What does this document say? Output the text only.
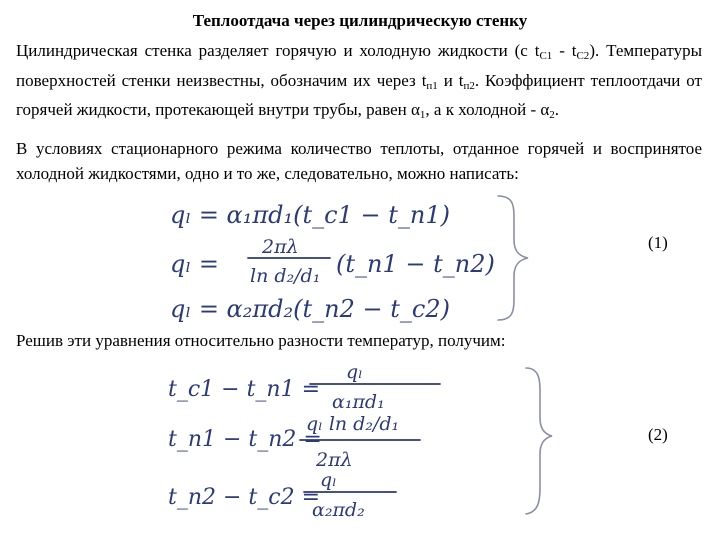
Теплоотдача через цилиндрическую стенку

Цилиндрическая стенка разделяет горячую и холодную жидкости (с $t_{C1} - t_{C2}$). Температуры поверхностей стенки неизвестны, обозначим их через $t_{п1}$ и $t_{п2}$. Коэффициент теплоотдачи от горячей жидкости, протекающей внутри трубы, равен $\alpha_1$, а к холодной - $\alpha_2$.

В условиях стационарного режима количество теплоты, отданное горячей и воспринятое холодной жидкостями, одно и то же, следовательно, можно написать:

Решив эти уравнения относительно разности температур, получим:
(1)
(2)
qₗ = α₁πd₁(t_c1 − t_п1)
qₗ =
2πλ
ln d₂/d₁ (t_п1 − t_п2)
qₗ = α₂πd₂(t_п2 − t_c2)
t_c1 − t_п1 =
qₗ
α₁πd₁
t_п1 − t_п2 =
qₗ ln d₂/d₁
2πλ
t_п2 − t_c2 =
qₗ
α₂πd₂
